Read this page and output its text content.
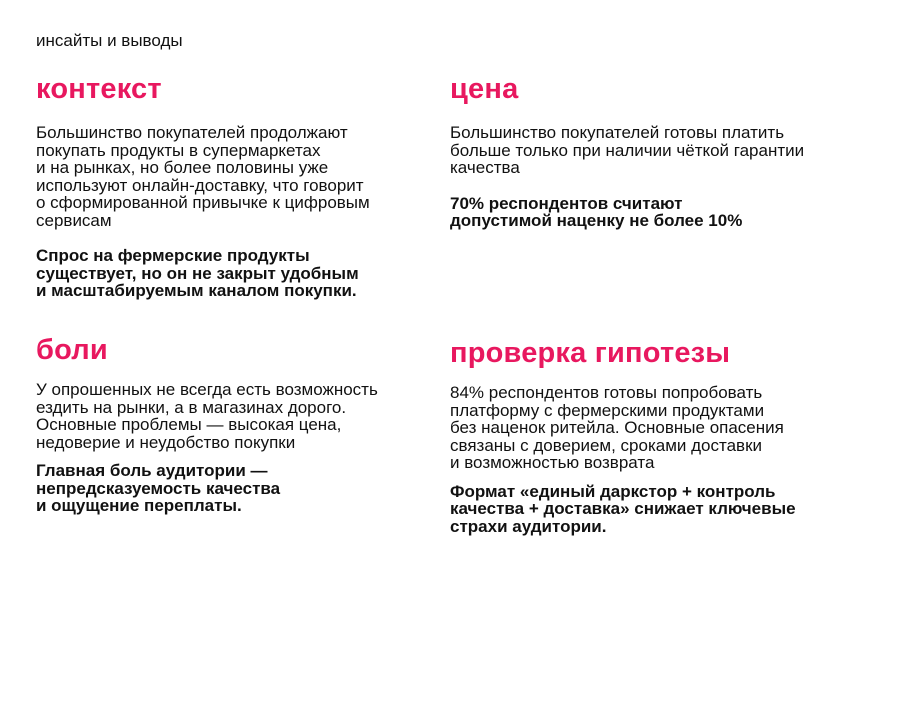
инсайты и выводы
контекст

Большинство покупателей продолжают
покупать продукты в супермаркетах
и на рынках, но более половины уже
используют онлайн-доставку, что говорит
о сформированной привычке к цифровым
сервисам

Спрос на фермерские продукты
существует, но он не закрыт удобным
и масштабируемым каналом покупки.

цена

Большинство покупателей готовы платить
больше только при наличии чёткой гарантии
качества

70% респондентов считают
допустимой наценку не более 10%

боли

У опрошенных не всегда есть возможность
ездить на рынки, а в магазинах дорого.
Основные проблемы — высокая цена,
недоверие и неудобство покупки

Главная боль аудитории —
непредсказуемость качества
и ощущение переплаты.

проверка гипотезы

84% респондентов готовы попробовать
платформу с фермерскими продуктами
без наценок ритейла. Основные опасения
связаны с доверием, сроками доставки
и возможностью возврата

Формат «единый даркстор + контроль
качества + доставка» снижает ключевые
страхи аудитории.
